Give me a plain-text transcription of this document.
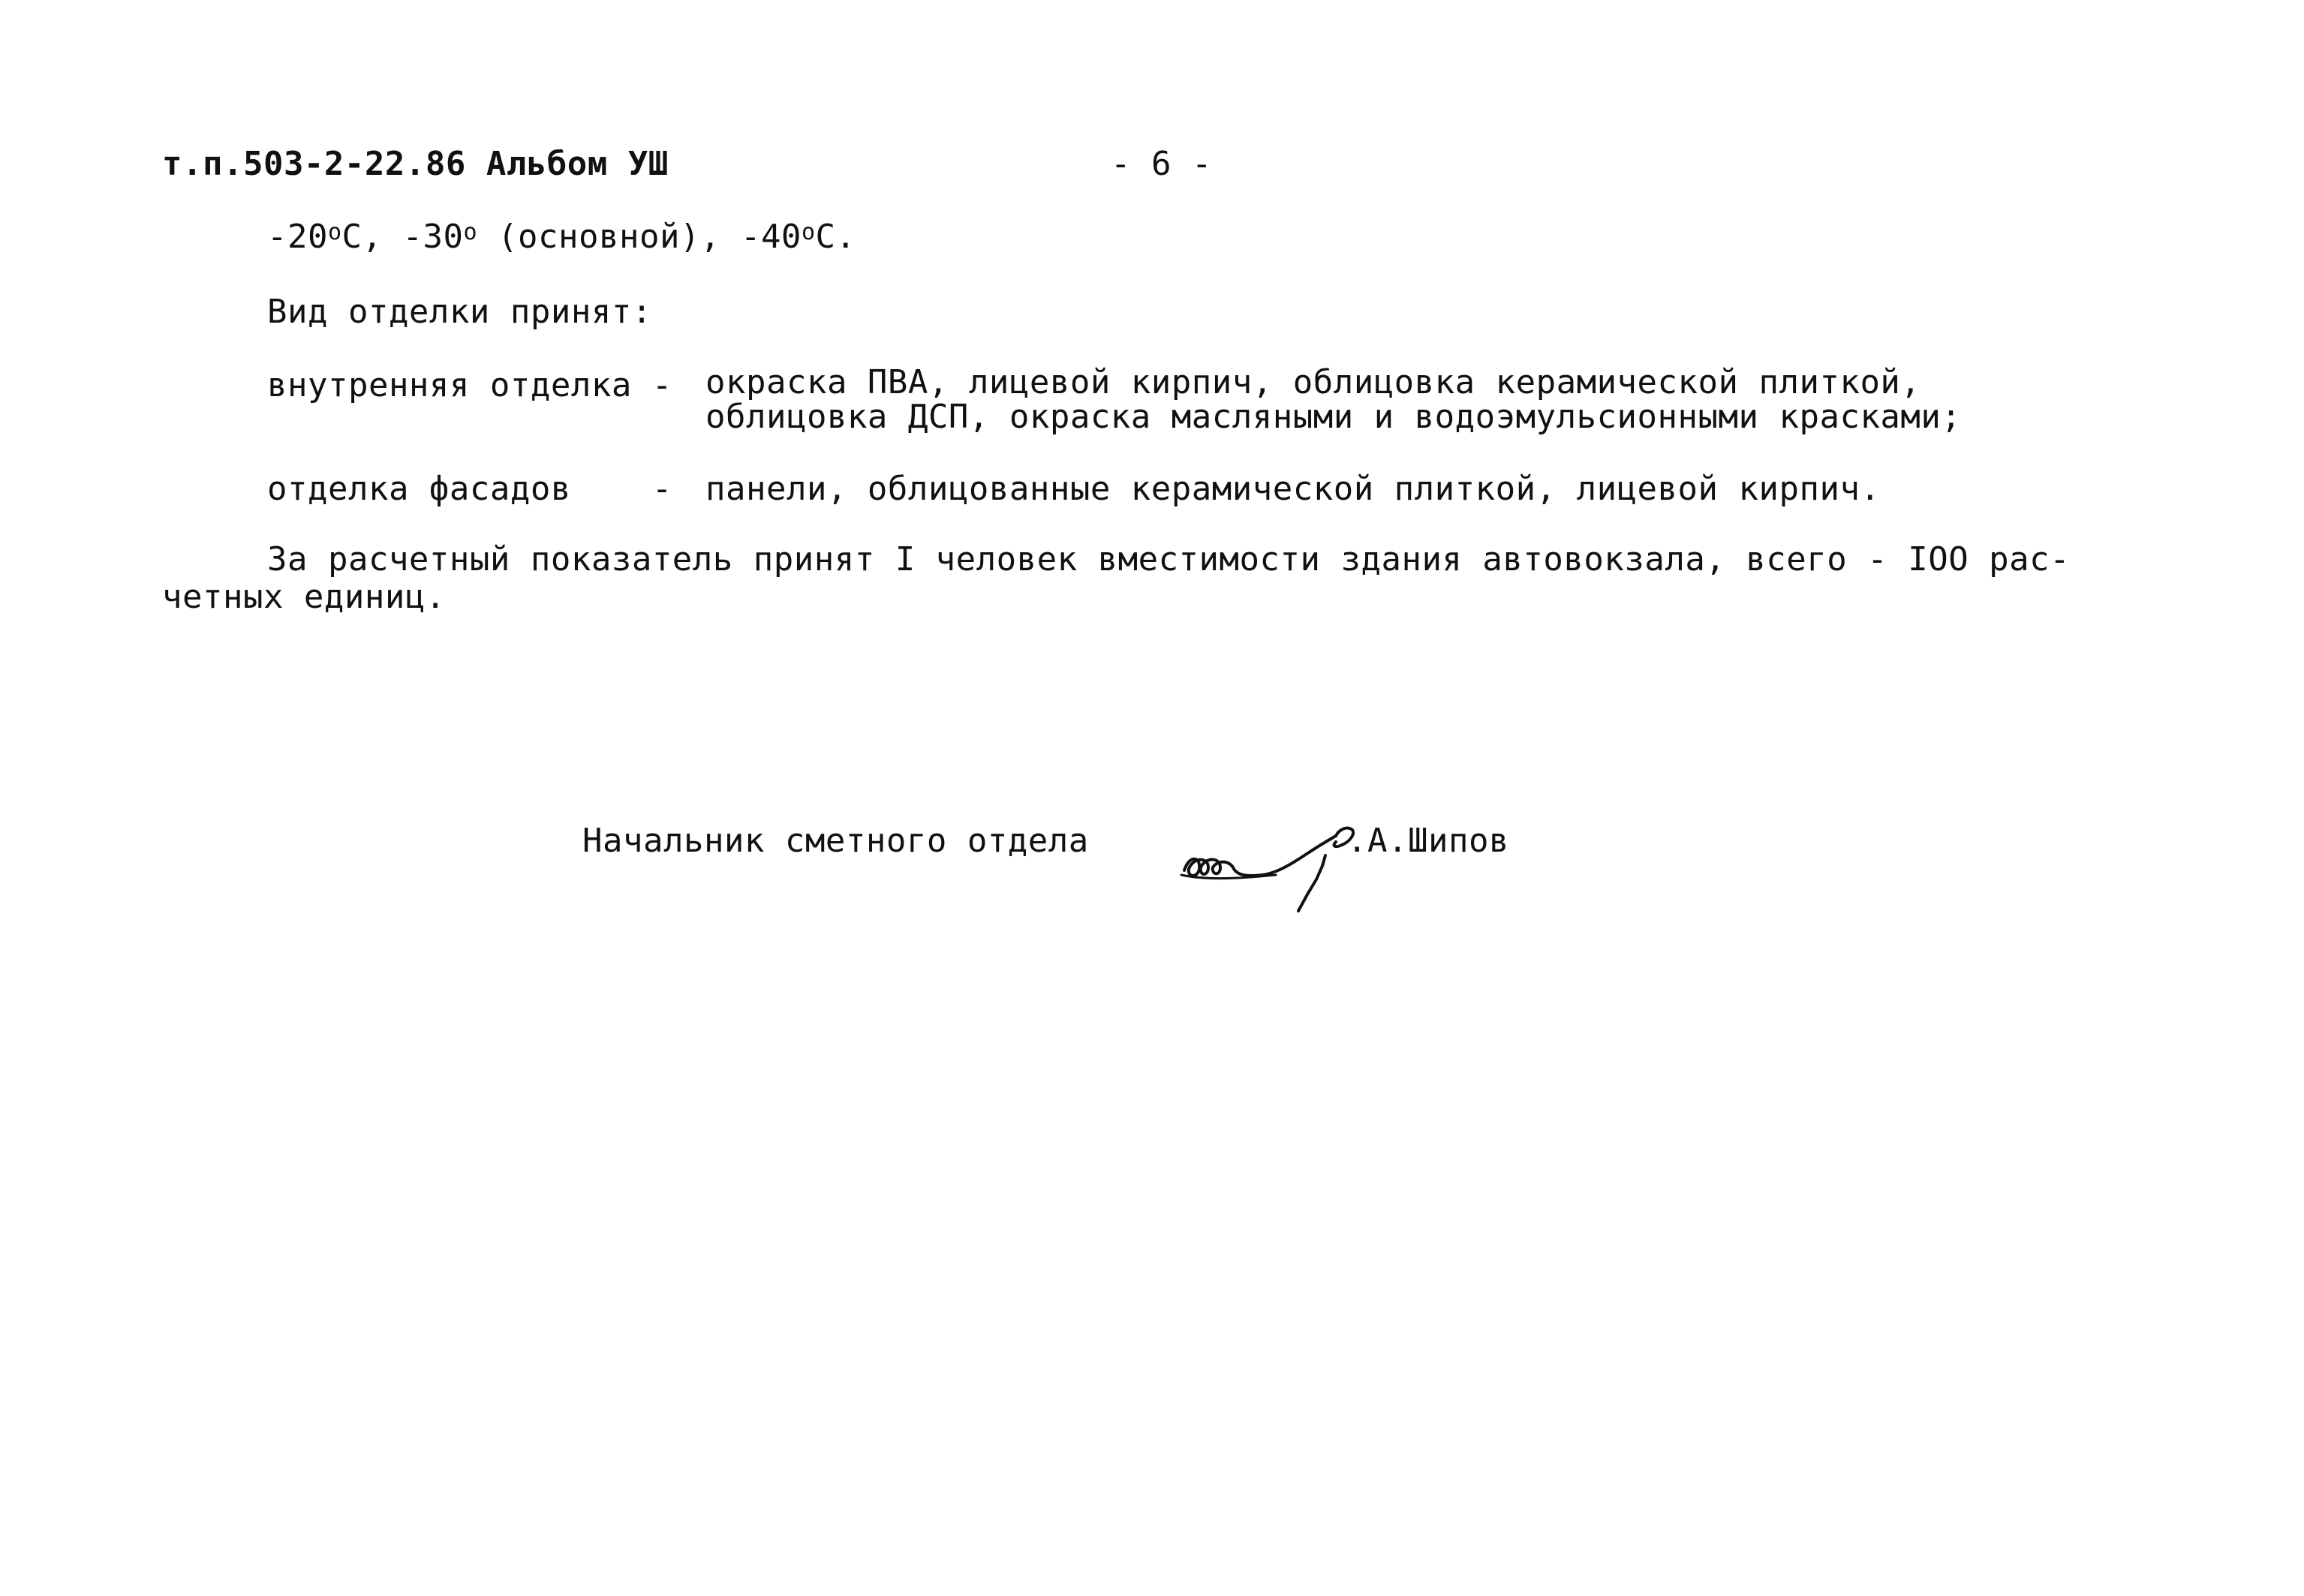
т.п.503-2-22.86 Альбом УШ	- 6 -
$-20^оС$, $-30^о$ (основной), $-40^оС$.
Вид отделки принят:
внутренняя отделка - окраска ПВА, лицевой кирпич, облицовка керамической плиткой,
облицовка ДСП, окраска масляными и водоэмульсионными красками;
отделка фасадов    - панели, облицованные керамической плиткой, лицевой кирпич.
За расчетный показатель принят I человек вместимости здания автовокзала, всего - IOO рас-
четных единиц.
Начальник сметного отдела	.А.Шипов
